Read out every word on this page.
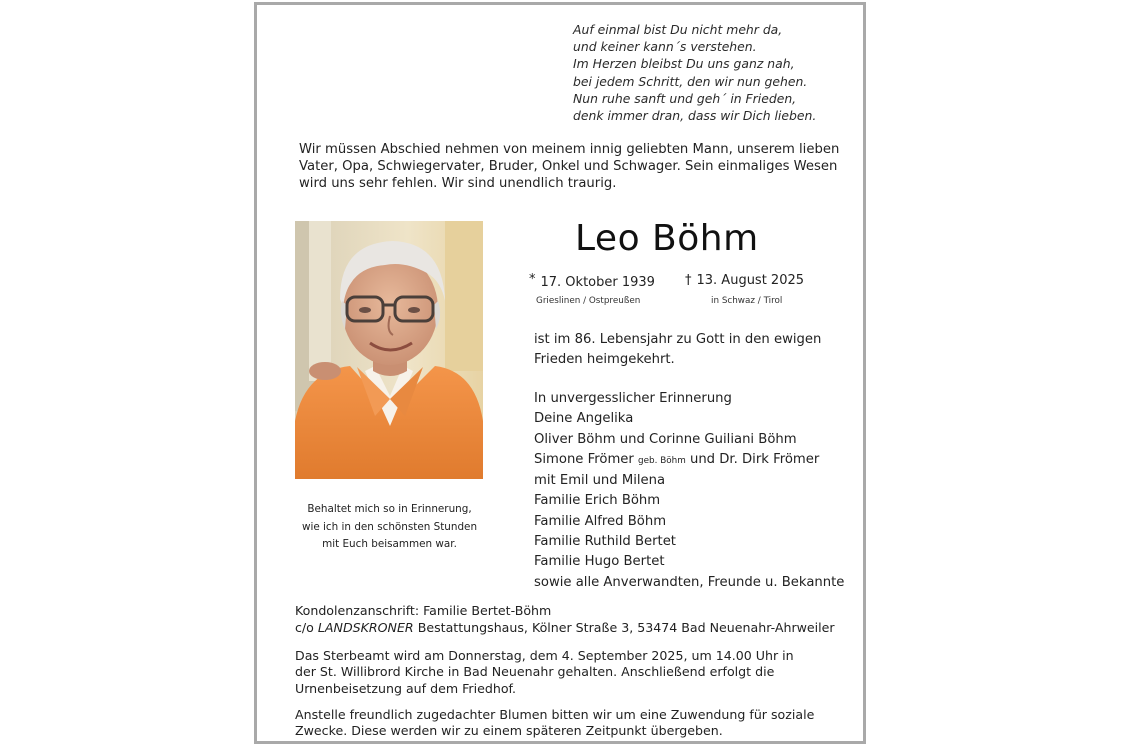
Auf einmal bist Du nicht mehr da,
und keiner kann´s verstehen.
Im Herzen bleibst Du uns ganz nah,
bei jedem Schritt, den wir nun gehen.
Nun ruhe sanft und geh´ in Frieden,
denk immer dran, dass wir Dich lieben.
Wir müssen Abschied nehmen von meinem innig geliebten Mann, unserem lieben
Vater, Opa, Schwiegervater, Bruder, Onkel und Schwager. Sein einmaliges Wesen
wird uns sehr fehlen. Wir sind unendlich traurig.
Behaltet mich so in Erinnerung,
wie ich in den schönsten Stunden
mit Euch beisammen war.
Leo Böhm
* 17. Oktober 1939
Grieslinen / Ostpreußen
† 13. August 2025
in Schwaz / Tirol
ist im 86. Lebensjahr zu Gott in den ewigen
Frieden heimgekehrt.
In unvergesslicher Erinnerung
Deine Angelika
Oliver Böhm und Corinne Guiliani Böhm
Simone Frömer geb. Böhm und Dr. Dirk Frömer
mit Emil und Milena
Familie Erich Böhm
Familie Alfred Böhm
Familie Ruthild Bertet
Familie Hugo Bertet
sowie alle Anverwandten, Freunde u. Bekannte
Kondolenzanschrift: Familie Bertet-Böhm
c/o LANDSKRONER Bestattungshaus, Kölner Straße 3, 53474 Bad Neuenahr-Ahrweiler
Das Sterbeamt wird am Donnerstag, dem 4. September 2025, um 14.00 Uhr in
der St. Willibrord Kirche in Bad Neuenahr gehalten. Anschließend erfolgt die
Urnenbeisetzung auf dem Friedhof.
Anstelle freundlich zugedachter Blumen bitten wir um eine Zuwendung für soziale
Zwecke. Diese werden wir zu einem späteren Zeitpunkt übergeben.
